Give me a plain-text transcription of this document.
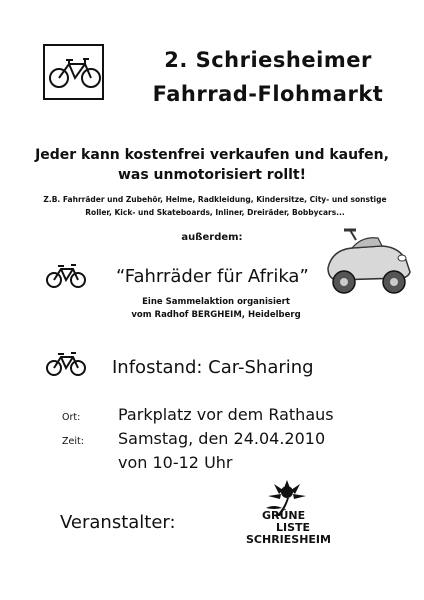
2. Schriesheimer
Fahrrad-Flohmarkt
Jeder kann kostenfrei verkaufen und kaufen,
was unmotorisiert rollt!
Z.B. Fahrräder und Zubehör, Helme, Radkleidung, Kindersitze, City- und sonstige
Roller, Kick- und Skateboards, Inliner, Dreiräder, Bobbycars...
außerdem:
“Fahrräder für Afrika”
Eine Sammelaktion organisiert
vom Radhof BERGHEIM, Heidelberg
Infostand: Car-Sharing
Ort: Parkplatz vor dem Rathaus
Zeit: Samstag, den 24.04.2010
von 10-12 Uhr
Veranstalter:	GRÜNE
LISTE
SCHRIESHEIM
